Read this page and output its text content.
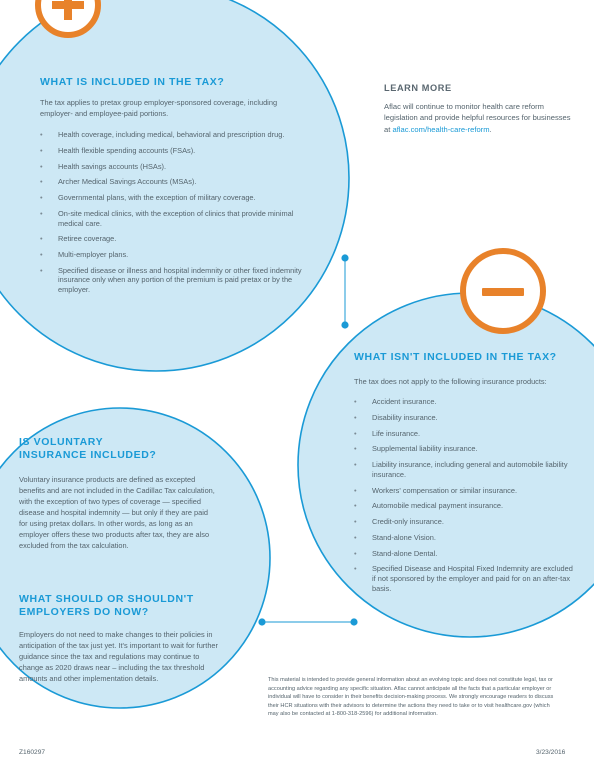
WHAT IS INCLUDED IN THE TAX?
The tax applies to pretax group employer-sponsored coverage, including employer- and employee-paid portions.
• Health coverage, including medical, behavioral and prescription drug.
• Health flexible spending accounts (FSAs).
• Health savings accounts (HSAs).
• Archer Medical Savings Accounts (MSAs).
• Governmental plans, with the exception of military coverage.
• On-site medical clinics, with the exception of clinics that provide minimal medical care.
• Retiree coverage.
• Multi-employer plans.
• Specified disease or illness and hospital indemnity or other fixed indemnity insurance only when any portion of the premium is paid pretax or by the employer.
LEARN MORE
Aflac will continue to monitor health care reform legislation and provide helpful resources for businesses at aflac.com/health-care-reform.
WHAT ISN'T INCLUDED IN THE TAX?
The tax does not apply to the following insurance products:
• Accident insurance.
• Disability insurance.
• Life insurance.
• Supplemental liability insurance.
• Liability insurance, including general and automobile liability insurance.
• Workers' compensation or similar insurance.
• Automobile medical payment insurance.
• Credit-only insurance.
• Stand-alone Vision.
• Stand-alone Dental.
• Specified Disease and Hospital Fixed Indemnity are excluded if not sponsored by the employer and paid for on an after-tax basis.
IS VOLUNTARY
INSURANCE INCLUDED?
Voluntary insurance products are defined as excepted benefits and are not included in the Cadillac Tax calculation, with the exception of two types of coverage — specified disease and hospital indemnity — but only if they are paid for using pretax dollars. In other words, as long as an employer offers these two products after tax, they are also excluded from the tax calculation.
WHAT SHOULD OR SHOULDN'T
EMPLOYERS DO NOW?
Employers do not need to make changes to their policies in anticipation of the tax just yet. It's important to wait for further guidance since the tax and regulations may continue to change as 2020 draws near – including the tax threshold amounts and other implementation details.	This material is intended to provide general information about an evolving topic and does not constitute legal, tax or accounting advice regarding any specific situation. Aflac cannot anticipate all the facts that a particular employer or individual will have to consider in their benefits decision-making process. We strongly encourage readers to discuss their HCR situations with their advisors to determine the actions they need to take or to visit healthcare.gov (which may also be contacted at 1-800-318-2596) for additional information.
Z160297	3/23/2016
